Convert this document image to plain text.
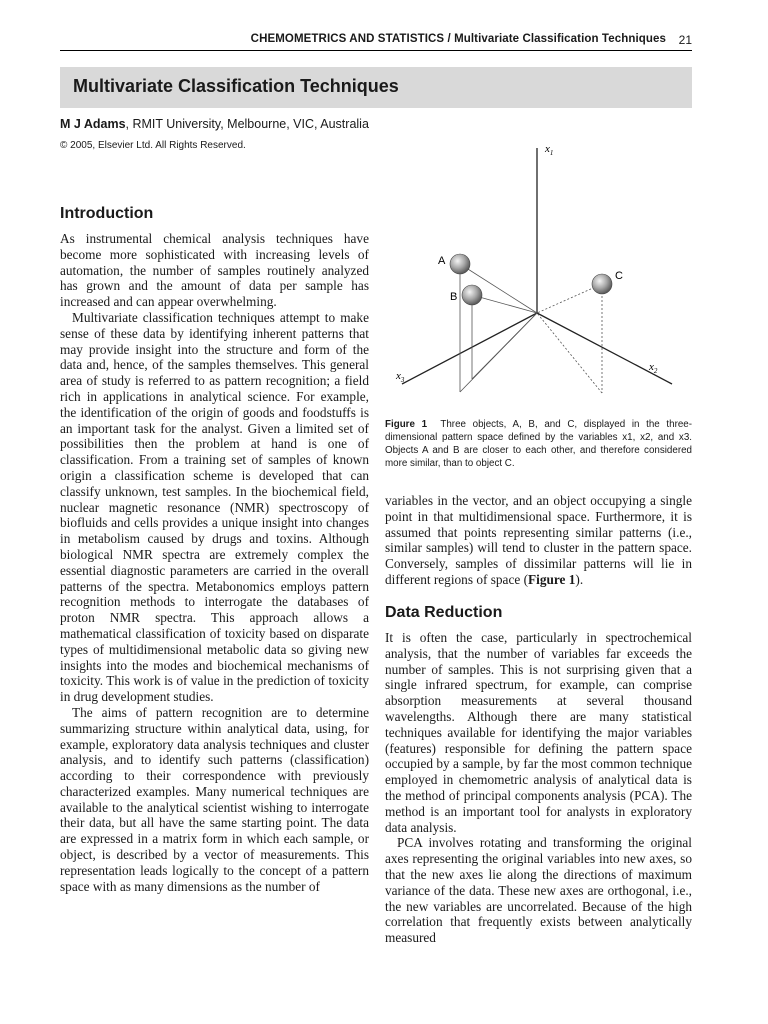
CHEMOMETRICS AND STATISTICS / Multivariate Classification Techniques 21
Multivariate Classification Techniques
M J Adams, RMIT University, Melbourne, VIC, Australia
© 2005, Elsevier Ltd. All Rights Reserved.
Introduction

As instrumental chemical analysis techniques have become more sophisticated with increasing levels of automation, the number of samples routinely analyzed has grown and the amount of data per sample has increased and can appear overwhelming.

Multivariate classification techniques attempt to make sense of these data by identifying inherent patterns that may provide insight into the structure and form of the data and, hence, of the samples themselves. This general area of study is referred to as pattern recognition; a field rich in applications in analytical science. For example, the identification of the origin of goods and foodstuffs is an important task for the analyst. Given a limited set of possibilities then the problem at hand is one of classification. From a training set of samples of known origin a classification scheme is developed that can classify unknown, test samples. In the biochemical field, nuclear magnetic resonance (NMR) spectroscopy of biofluids and cells provides a unique insight into changes in metabolism caused by drugs and toxins. Although biological NMR spectra are extremely complex the essential diagnostic parameters are carried in the overall patterns of the spectra. Metabonomics employs pattern recognition methods to interrogate the databases of proton NMR spectra. This approach allows a mathematical classification of toxicity based on disparate types of multidimensional metabolic data so giving new insights into the modes and biochemical mechanisms of toxicity. This work is of value in the prediction of toxicity in drug development studies.

The aims of pattern recognition are to determine summarizing structure within analytical data, using, for example, exploratory data analysis techniques and cluster analysis, and to identify such patterns (classification) according to their correspondence with previously characterized examples. Many numerical techniques are available to the analytical scientist wishing to interrogate their data, but all have the same starting point. The data are expressed in a matrix form in which each sample, or object, is described by a vector of measurements. This representation leads logically to the concept of a pattern space with as many dimensions as the number of

A
B
C
$x_1$
$x_3$
$x_2$
Figure 1 Three objects, A, B, and C, displayed in the three-dimensional pattern space defined by the variables x1, x2, and x3. Objects A and B are closer to each other, and therefore considered more similar, than to object C.

variables in the vector, and an object occupying a single point in that multidimensional space. Furthermore, it is assumed that points representing similar patterns (i.e., similar samples) will tend to cluster in the pattern space. Conversely, samples of dissimilar patterns will lie in different regions of space (Figure 1).

Data Reduction

It is often the case, particularly in spectrochemical analysis, that the number of variables far exceeds the number of samples. This is not surprising given that a single infrared spectrum, for example, can comprise absorption measurements at several thousand wavelengths. Although there are many statistical techniques available for identifying the major variables (features) responsible for defining the pattern space occupied by a sample, by far the most common technique employed in chemometric analysis of analytical data is the method of principal components analysis (PCA). The method is an important tool for analysts in exploratory data analysis.

PCA involves rotating and transforming the original axes representing the original variables into new axes, so that the new axes lie along the directions of maximum variance of the data. These new axes are orthogonal, i.e., the new variables are uncorrelated. Because of the high correlation that frequently exists between analytically measured
